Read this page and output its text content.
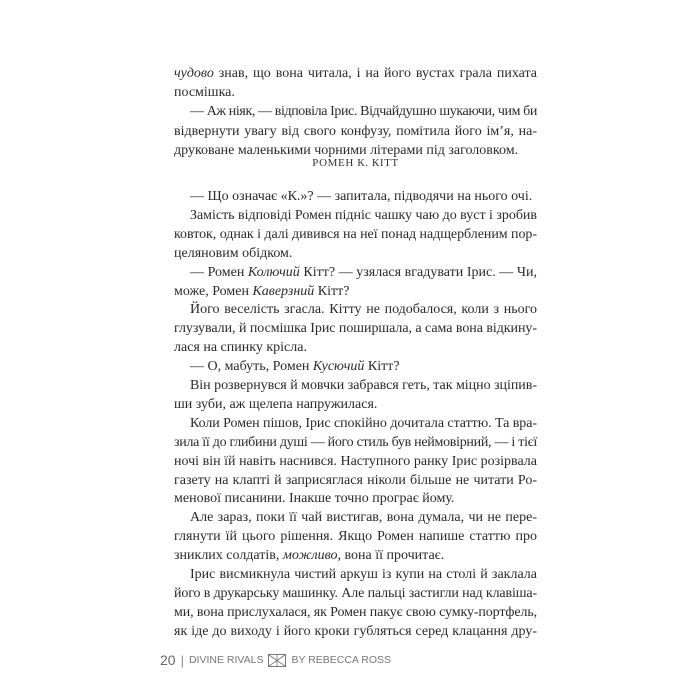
чудово знав, що вона читала, і на його вустах грала пихата
посмішка.
— Аж ніяк, — відповіла Ірис. Відчайдушно шукаючи, чим би
відвернути увагу від свого конфузу, помітила його ім’я, на-
друковане маленькими чорними літерами під заголовком.
— Що означає «К.»? — запитала, підводячи на нього очі.
Замість відповіді Ромен підніс чашку чаю до вуст і зробив
ковток, однак і далі дивився на неї понад надщербленим пор-
целяновим обідком.
— Ромен Колючий Кітт? — узялася вгадувати Ірис. — Чи,
може, Ромен Каверзний Кітт?
Його веселість згасла. Кітту не подобалося, коли з нього
глузували, й посмішка Ірис поширшала, а сама вона відкину-
лася на спинку крісла.
— О, мабуть, Ромен Кусючий Кітт?
Він розвернувся й мовчки забрався геть, так міцно зціпив-
ши зуби, аж щелепа напружилася.
Коли Ромен пішов, Ірис спокійно дочитала статтю. Та вра-
зила її до глибини душі — його стиль був неймовірний, — і тієї
ночі він їй навіть наснився. Наступного ранку Ірис розірвала
газету на клапті й заприсяглася ніколи більше не читати Ро-
менової писанини. Інакше точно програє йому.
Але зараз, поки її чай вистигав, вона думала, чи не пере-
глянути їй цього рішення. Якщо Ромен напише статтю про
зниклих солдатів, можливо, вона її прочитає.
Ірис висмикнула чистий аркуш із купи на столі й заклала
його в друкарську машинку. Але пальці застигли над клавіша-
ми, вона прислухалася, як Ромен пакує свою сумку-портфель,
як іде до виходу і його кроки губляться серед клацання дру-
РОМЕН К. КІТТ
20 | DIVINE RIVALS	BY REBECCA ROSS
